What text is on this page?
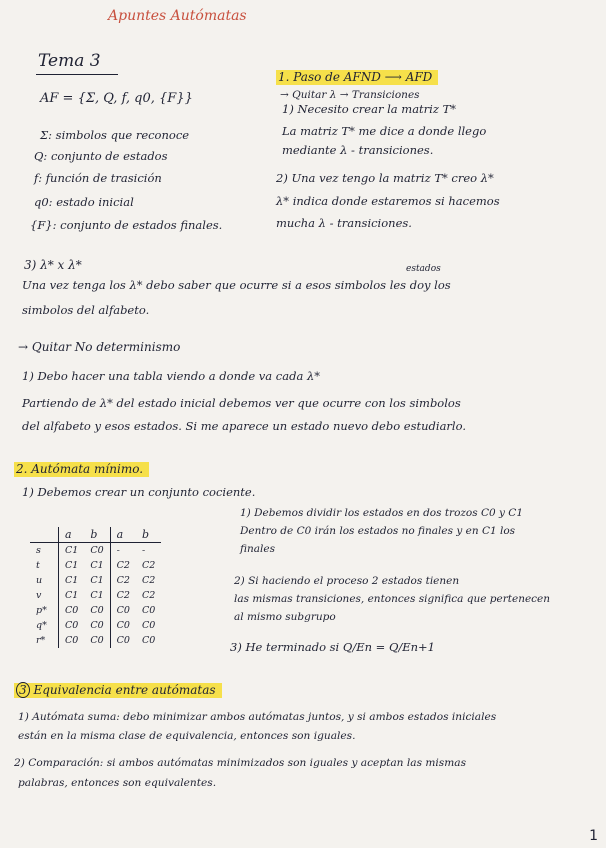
Apuntes Autómatas
Tema 3
AF = {Σ, Q, f, q0, {F}}
Σ: simbolos que reconoce
Q: conjunto de estados
f: función de trasición
q0: estado inicial
{F}: conjunto de estados finales.
1. Paso de AFND ⟶ AFD
→ Quitar λ → Transiciones
1) Necesito crear la matriz T*
La matriz T* me dice a donde llego
mediante λ - transiciones.
2) Una vez tengo la matriz T* creo λ*
λ* indica donde estaremos si hacemos
mucha λ - transiciones.
3) λ* x λ*	estados
Una vez tenga los λ* debo saber que ocurre si a esos simbolos les doy los
simbolos del alfabeto.
→ Quitar No determinismo
1) Debo hacer una tabla viendo a donde va cada λ*
Partiendo de λ* del estado inicial debemos ver que ocurre con los simbolos
del alfabeto y esos estados. Si me aparece un estado nuevo debo estudiarlo.
2. Autómata mínimo.
1) Debemos crear un conjunto cociente.
	a	b	a	b
s	C1	C0	-	-
t	C1	C1	C2	C2
u	C1	C1	C2	C2
v	C1	C1	C2	C2
p*	C0	C0	C0	C0
q*	C0	C0	C0	C0
r*	C0	C0	C0	C0
1) Debemos dividir los estados en dos trozos C0 y C1
Dentro de C0 irán los estados no finales y en C1 los
finales
2) Si haciendo el proceso 2 estados tienen
las mismas transiciones, entonces significa que pertenecen
al mismo subgrupo
3) He terminado si Q/En = Q/En+1
3 Equivalencia entre autómatas
1) Autómata suma: debo minimizar ambos autómatas juntos, y si ambos estados iniciales
están en la misma clase de equivalencia, entonces son iguales.
2) Comparación: si ambos autómatas minimizados son iguales y aceptan las mismas
palabras, entonces son equivalentes.
1
